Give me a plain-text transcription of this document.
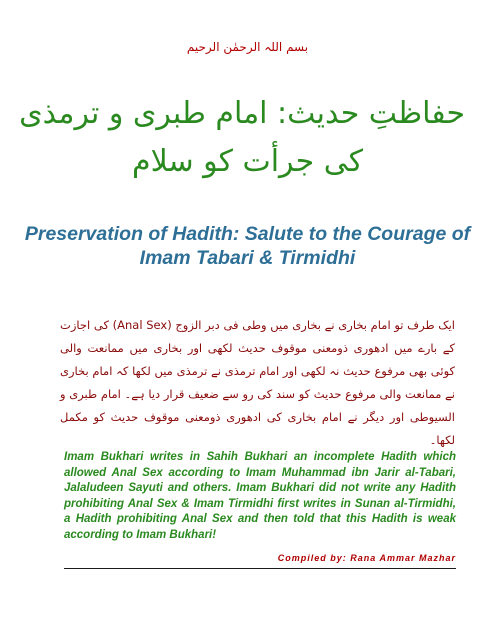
بسم اللہ الرحمٰن الرحیم
حفاظتِ حدیث: امام طبری و ترمذی
کی جرأت کو سلام
Preservation of Hadith: Salute to the Courage of Imam Tabari & Tirmidhi
ایک طرف تو امام بخاری نے بخاری میں وطی فی دبر الزوج (Anal Sex) کی اجازت کے بارے میں ادھوری ذومعنی موقوف حدیث لکھی اور بخاری میں ممانعت والی کوئی بھی مرفوع حدیث نہ لکھی اور امام ترمذی نے ترمذی میں لکھا کہ امام بخاری نے ممانعت والی مرفوع حدیث کو سند کی رو سے ضعیف قرار دیا ہے۔ امام طبری و السیوطی اور دیگر نے امام بخاری کی ادھوری ذومعنی موقوف حدیث کو مکمل لکھا۔
Imam Bukhari writes in Sahih Bukhari an incomplete Hadith which allowed Anal Sex according to Imam Muhammad ibn Jarir al-Tabari, Jalaludeen Sayuti and others. Imam Bukhari did not write any Hadith prohibiting Anal Sex & Imam Tirmidhi first writes in Sunan al-Tirmidhi, a Hadith prohibiting Anal Sex and then told that this Hadith is weak according to Imam Bukhari!
Compiled by: Rana Ammar Mazhar
